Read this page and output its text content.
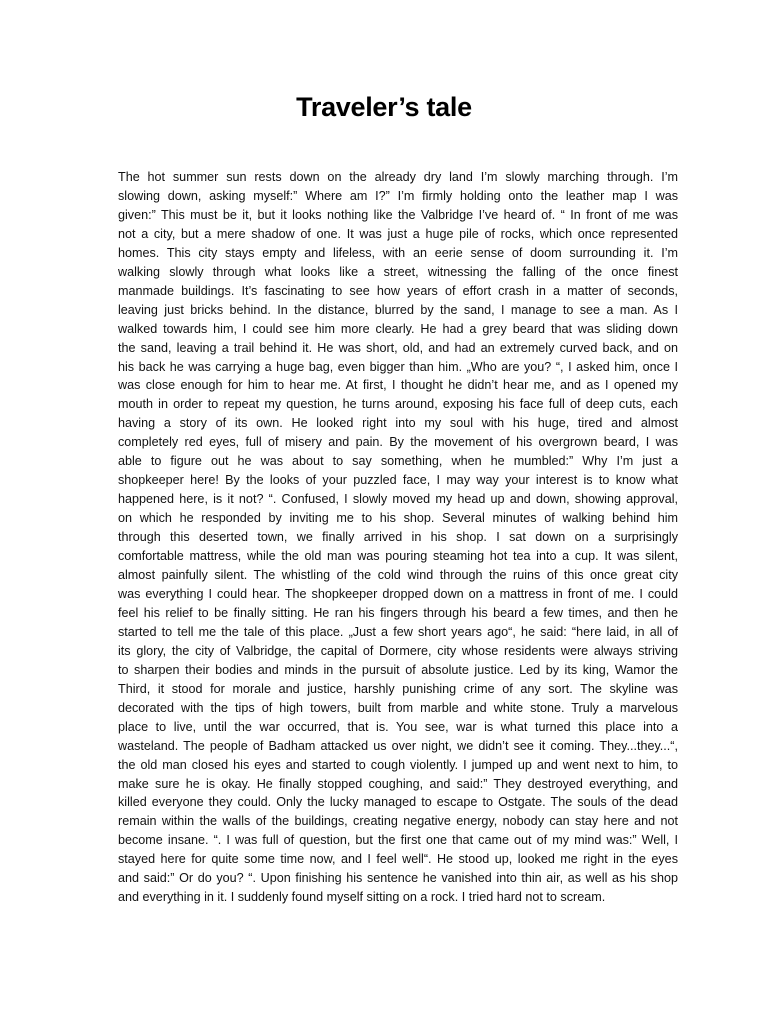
Traveler’s tale
The hot summer sun rests down on the already dry land I’m slowly marching through. I’m
slowing down, asking myself:” Where am I?” I’m firmly holding onto the leather map I was
given:” This must be it, but it looks nothing like the Valbridge I’ve heard of. “ In front of me was
not a city, but a mere shadow of one. It was just a huge pile of rocks, which once represented
homes. This city stays empty and lifeless, with an eerie sense of doom surrounding it. I’m
walking slowly through what looks like a street, witnessing the falling of the once finest
manmade buildings. It’s fascinating to see how years of effort crash in a matter of seconds,
leaving just bricks behind. In the distance, blurred by the sand, I manage to see a man. As I
walked towards him, I could see him more clearly. He had a grey beard that was sliding down
the sand, leaving a trail behind it. He was short, old, and had an extremely curved back, and on
his back he was carrying a huge bag, even bigger than him. „Who are you? “, I asked him, once I
was close enough for him to hear me. At first, I thought he didn’t hear me, and as I opened my
mouth in order to repeat my question, he turns around, exposing his face full of deep cuts, each
having a story of its own. He looked right into my soul with his huge, tired and almost
completely red eyes, full of misery and pain. By the movement of his overgrown beard, I was
able to figure out he was about to say something, when he mumbled:” Why I’m just a
shopkeeper here! By the looks of your puzzled face, I may way your interest is to know what
happened here, is it not? “. Confused, I slowly moved my head up and down, showing approval,
on which he responded by inviting me to his shop. Several minutes of walking behind him
through this deserted town, we finally arrived in his shop. I sat down on a surprisingly
comfortable mattress, while the old man was pouring steaming hot tea into a cup. It was silent,
almost painfully silent. The whistling of the cold wind through the ruins of this once great city
was everything I could hear. The shopkeeper dropped down on a mattress in front of me. I could
feel his relief to be finally sitting. He ran his fingers through his beard a few times, and then he
started to tell me the tale of this place. „Just a few short years ago“, he said: “here laid, in all of
its glory, the city of Valbridge, the capital of Dormere, city whose residents were always striving
to sharpen their bodies and minds in the pursuit of absolute justice. Led by its king, Wamor the
Third, it stood for morale and justice, harshly punishing crime of any sort. The skyline was
decorated with the tips of high towers, built from marble and white stone. Truly a marvelous
place to live, until the war occurred, that is. You see, war is what turned this place into a
wasteland. The people of Badham attacked us over night, we didn’t see it coming. They...they...“,
the old man closed his eyes and started to cough violently. I jumped up and went next to him, to
make sure he is okay. He finally stopped coughing, and said:” They destroyed everything, and
killed everyone they could. Only the lucky managed to escape to Ostgate. The souls of the dead
remain within the walls of the buildings, creating negative energy, nobody can stay here and not
become insane. “. I was full of question, but the first one that came out of my mind was:” Well, I
stayed here for quite some time now, and I feel well“. He stood up, looked me right in the eyes
and said:” Or do you? “. Upon finishing his sentence he vanished into thin air, as well as his shop
and everything in it. I suddenly found myself sitting on a rock. I tried hard not to scream.
